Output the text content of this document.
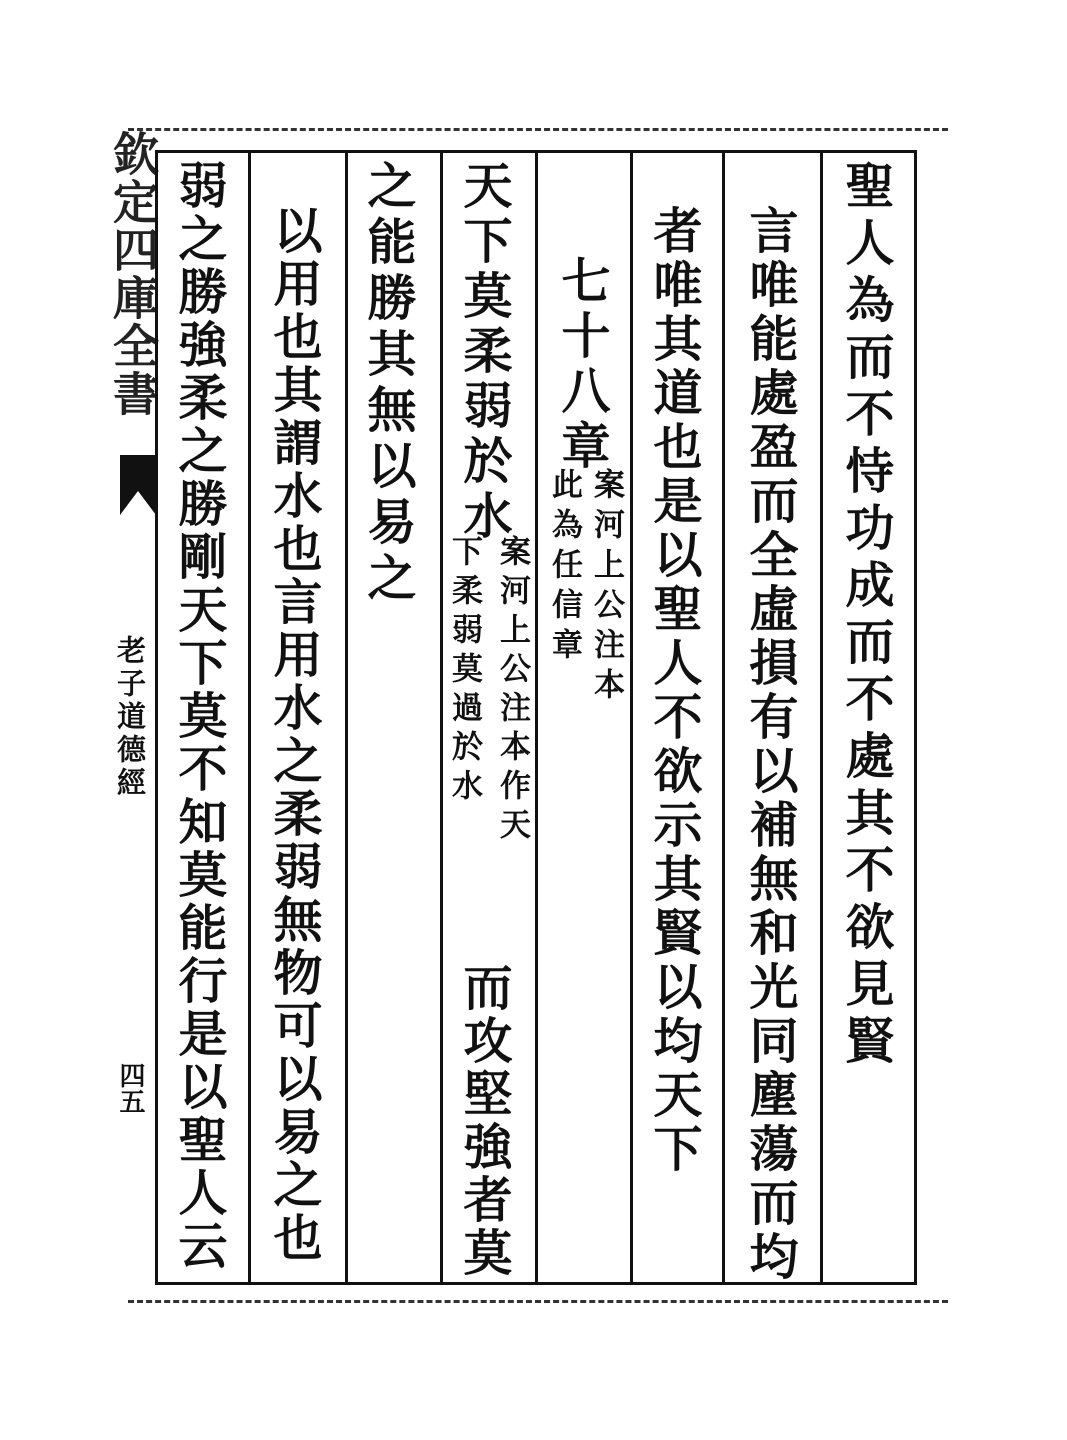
欽定四庫全書
老子道德經
四五
聖人為而不恃功成而不處其不欲見賢
言唯能處盈而全虛損有以補無和光同塵蕩而均
者唯其道也是以聖人不欲示其賢以均天下
七十八章
案河上公注本
此為任信章
天下莫柔弱於水
案河上公注本作天
下柔弱莫過於水
而攻堅強者莫
之能勝其無以易之
以用也其謂水也言用水之柔弱無物可以易之也
弱之勝強柔之勝剛天下莫不知莫能行是以聖人云
